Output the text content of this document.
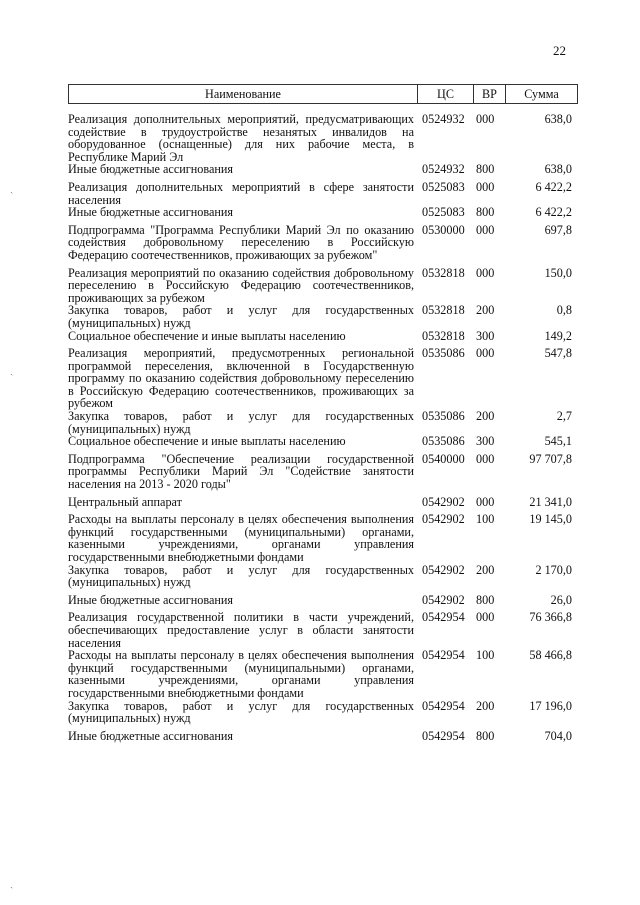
22
Наименование	ЦС	ВР	Сумма
Реализация дополнительных мероприятий, предусматривающих содействие в трудоустройстве незанятых инвалидов на оборудованное (оснащенные) для них рабочие места, в Республике Марий Эл
0524932 000	638,0
Иные бюджетные ассигнования	0524932 800	638,0
Реализация дополнительных мероприятий в сфере занятости населения
0525083 000	6 422,2
Иные бюджетные ассигнования	0525083 800	6 422,2
Подпрограмма "Программа Республики Марий Эл по оказанию содействия добровольному переселению в Российскую Федерацию соотечественников, проживающих за рубежом"
0530000 000	697,8
Реализация мероприятий по оказанию содействия добровольному переселению в Российскую Федерацию соотечественников, проживающих за рубежом
0532818 000	150,0
Закупка товаров, работ и услуг для государственных (муниципальных) нужд
0532818 200	0,8
Социальное обеспечение и иные выплаты населению	0532818 300	149,2
Реализация мероприятий, предусмотренных региональной программой переселения, включенной в Государственную программу по оказанию содействия добровольному переселению в Российскую Федерацию соотечественников, проживающих за рубежом
0535086 000	547,8
Закупка товаров, работ и услуг для государственных (муниципальных) нужд
0535086 200	2,7
Социальное обеспечение и иные выплаты населению	0535086 300	545,1
Подпрограмма "Обеспечение реализации государственной программы Республики Марий Эл "Содействие занятости населения на 2013 - 2020 годы"
0540000 000	97 707,8
Центральный аппарат	0542902 000	21 341,0
Расходы на выплаты персоналу в целях обеспечения выполнения функций государственными (муниципальными) органами, казенными учреждениями, органами управления государственными внебюджетными фондами
0542902 100	19 145,0
Закупка товаров, работ и услуг для государственных (муниципальных) нужд
0542902 200	2 170,0
Иные бюджетные ассигнования	0542902 800	26,0
Реализация государственной политики в части учреждений, обеспечивающих предоставление услуг в области занятости населения
0542954 000	76 366,8
Расходы на выплаты персоналу в целях обеспечения выполнения функций государственными (муниципальными) органами, казенными учреждениями, органами управления государственными внебюджетными фондами
0542954 100	58 466,8
Закупка товаров, работ и услуг для государственных (муниципальных) нужд
0542954 200	17 196,0
Иные бюджетные ассигнования	0542954 800	704,0
ˏ
ˏ
ˏ
